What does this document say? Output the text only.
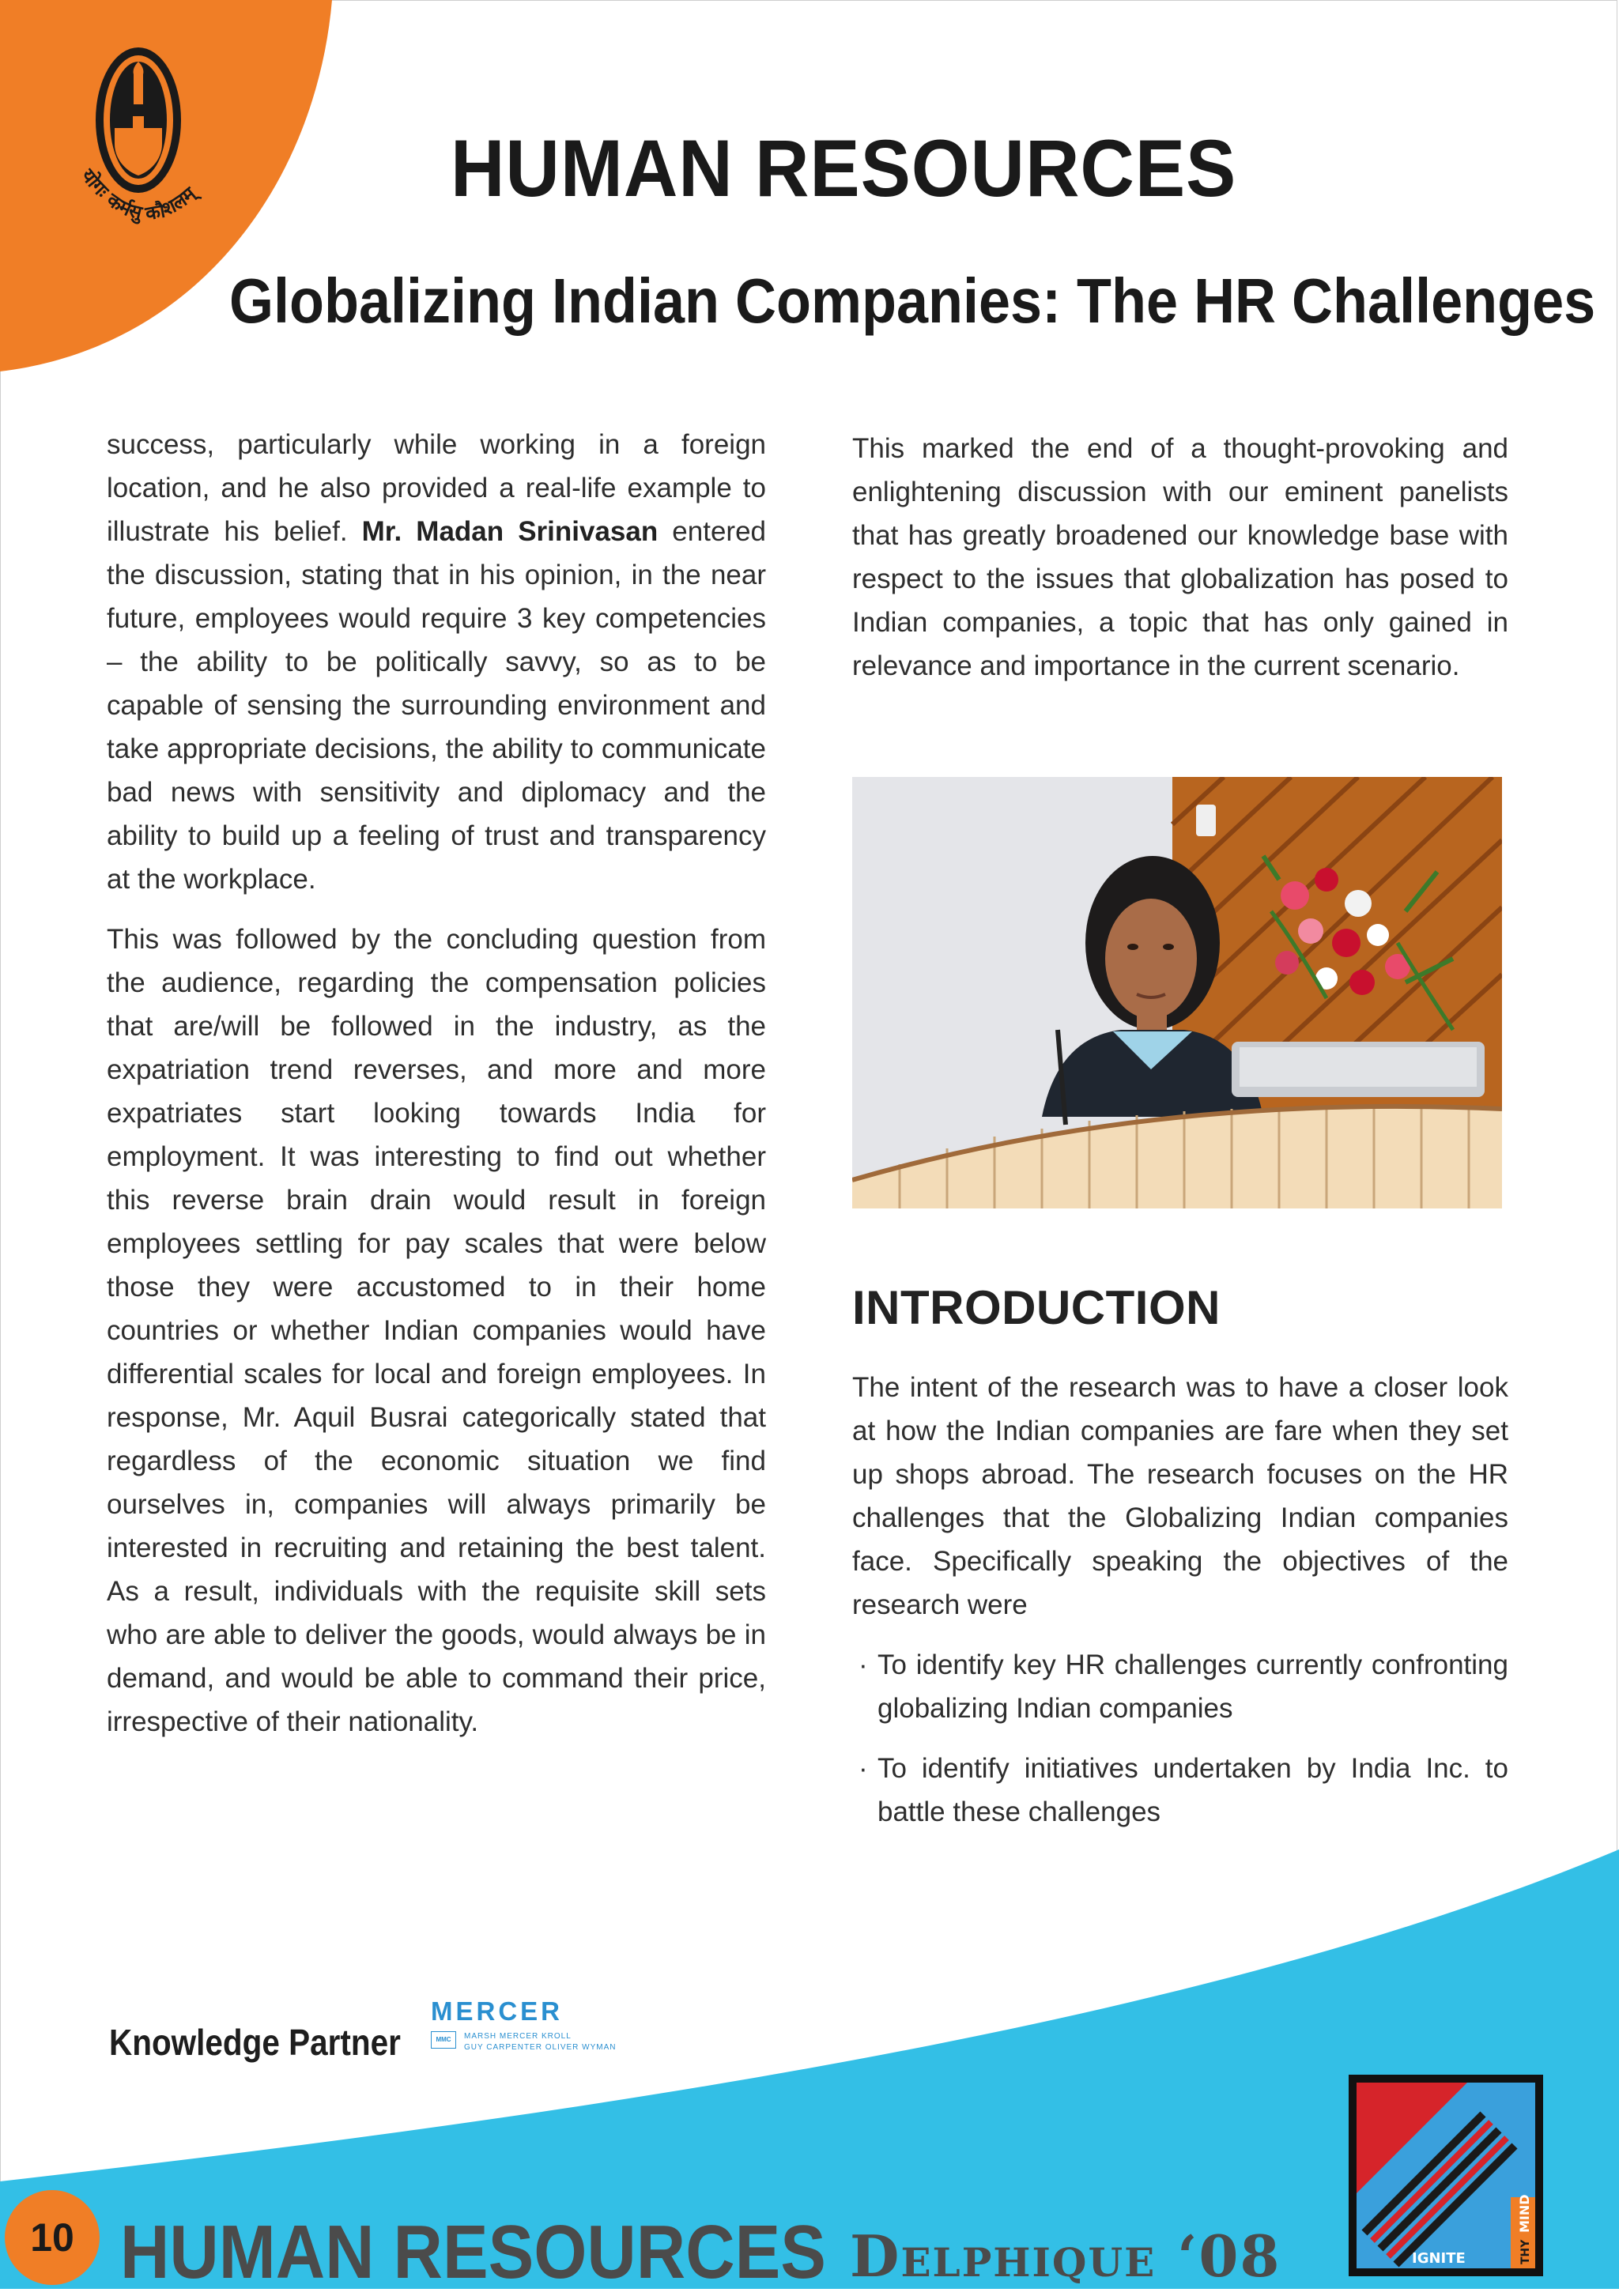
योगः कर्मसु कौशलम्	HUMAN RESOURCES
Globalizing Indian Companies: The HR Challenges

success, particularly while working in a foreign location, and he also provided a real-life example to illustrate his belief. Mr. Madan Srinivasan entered the discussion, stating that in his opinion, in the near future, employees would require 3 key competencies – the ability to be politically savvy, so as to be capable of sensing the surrounding environment and take appropriate decisions, the ability to communicate bad news with sensitivity and diplomacy and the ability to build up a feeling of trust and transparency at the workplace.

This was followed by the concluding question from the audience, regarding the compensation policies that are/will be followed in the industry, as the expatriation trend reverses, and more and more expatriates start looking towards India for employment. It was interesting to find out whether this reverse brain drain would result in foreign employees settling for pay scales that were below those they were accustomed to in their home countries or whether Indian companies would have differential scales for local and foreign employees. In response, Mr. Aquil Busrai categorically stated that regardless of the economic situation we find ourselves in, companies will always primarily be interested in recruiting and retaining the best talent. As a result, individuals with the requisite skill sets who are able to deliver the goods, would always be in demand, and would be able to command their price, irrespective of their nationality.

This marked the end of a thought-provoking and enlightening discussion with our eminent panelists that has greatly broadened our knowledge base with respect to the issues that globalization has posed to Indian companies, a topic that has only gained in relevance and importance in the current scenario.

INTRODUCTION

The intent of the research was to have a closer look at how the Indian companies are fare when they set up shops abroad. The research focuses on the HR challenges that the Globalizing Indian companies face. Specifically speaking the objectives of the research were

· To identify key HR challenges currently confronting globalizing Indian companies
· To identify initiatives undertaken by India Inc. to battle these challenges
Knowledge Partner
MERCER
MMC	MARSH MERCER KROLL
GUY CARPENTER OLIVER WYMAN
10 HUMAN RESOURCES Delphique ‘08	IGNITE	THY
MIND
